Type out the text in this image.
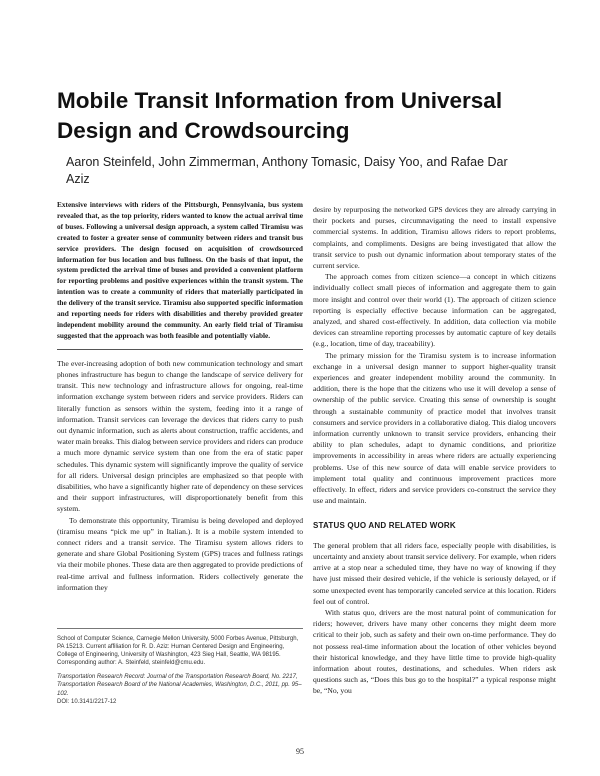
Mobile Transit Information from Universal Design and Crowdsourcing
Aaron Steinfeld, John Zimmerman, Anthony Tomasic, Daisy Yoo, and Rafae Dar Aziz

Extensive interviews with riders of the Pittsburgh, Pennsylvania, bus system revealed that, as the top priority, riders wanted to know the actual arrival time of buses. Following a universal design approach, a system called Tiramisu was created to foster a greater sense of community between riders and transit bus service providers. The design focused on acquisition of crowdsourced information for bus location and bus fullness. On the basis of that input, the system predicted the arrival time of buses and provided a convenient platform for reporting problems and positive experiences within the transit system. The intention was to create a community of riders that materially participated in the delivery of the transit service. Tiramisu also supported specific information and reporting needs for riders with disabilities and thereby provided greater independent mobility around the community. An early field trial of Tiramisu suggested that the approach was both feasible and potentially viable.

The ever-increasing adoption of both new communication technology and smart phones infrastructure has begun to change the landscape of service delivery for transit. This new technology and infrastructure allows for ongoing, real-time information exchange system between riders and service providers. Riders can literally function as sensors within the system, feeding into it a range of information. Transit services can leverage the devices that riders carry to push out dynamic information, such as alerts about construction, traffic accidents, and water main breaks. This dialog between service providers and riders can produce a much more dynamic service system than one from the era of static paper schedules. This dynamic system will significantly improve the quality of service for all riders. Universal design principles are emphasized so that people with disabilities, who have a significantly higher rate of dependency on these services and their support infrastructures, will disproportionately benefit from this system.

To demonstrate this opportunity, Tiramisu is being developed and deployed (tiramisu means “pick me up” in Italian.). It is a mobile system intended to connect riders and a transit service. The Tiramisu system allows riders to generate and share Global Positioning System (GPS) traces and fullness ratings via their mobile phones. These data are then aggregated to provide predictions of real-time arrival and fullness information. Riders collectively generate the information they

School of Computer Science, Carnegie Mellon University, 5000 Forbes Avenue, Pittsburgh, PA 15213. Current affiliation for R. D. Aziz: Human Centered Design and Engineering, College of Engineering, University of Washington, 423 Sieg Hall, Seattle, WA 98195. Corresponding author: A. Steinfeld, steinfeld@cmu.edu.

Transportation Research Record: Journal of the Transportation Research Board, No. 2217, Transportation Research Board of the National Academies, Washington, D.C., 2011, pp. 95–102.

DOI: 10.3141/2217-12

desire by repurposing the networked GPS devices they are already carrying in their pockets and purses, circumnavigating the need to install expensive commercial systems. In addition, Tiramisu allows riders to report problems, complaints, and compliments. Designs are being investigated that allow the transit service to push out dynamic information about temporary states of the current service.

The approach comes from citizen science—a concept in which citizens individually collect small pieces of information and aggregate them to gain more insight and control over their world (1). The approach of citizen science reporting is especially effective because information can be aggregated, analyzed, and shared cost-effectively. In addition, data collection via mobile devices can streamline reporting processes by automatic capture of key details (e.g., location, time of day, traceability).

The primary mission for the Tiramisu system is to increase information exchange in a universal design manner to support higher-quality transit experiences and greater independent mobility around the community. In addition, there is the hope that the citizens who use it will develop a sense of ownership of the public service. Creating this sense of ownership is sought through a sustainable community of practice model that involves transit consumers and service providers in a collaborative dialog. This dialog uncovers information currently unknown to transit service providers, enhancing their ability to plan schedules, adapt to dynamic conditions, and prioritize improvements in accessibility in areas where riders are actually experiencing problems. Use of this new source of data will enable service providers to implement total quality and continuous improvement practices more effectively. In effect, riders and service providers co-construct the service they use and maintain.

STATUS QUO AND RELATED WORK

The general problem that all riders face, especially people with disabilities, is uncertainty and anxiety about transit service delivery. For example, when riders arrive at a stop near a scheduled time, they have no way of knowing if they have just missed their desired vehicle, if the vehicle is seriously delayed, or if some unexpected event has temporarily canceled service at this location. Riders feel out of control.

With status quo, drivers are the most natural point of communication for riders; however, drivers have many other concerns they might deem more critical to their job, such as safety and their own on-time performance. They do not possess real-time information about the location of other vehicles beyond their historical knowledge, and they have little time to provide high-quality information about routes, destinations, and schedules. When riders ask questions such as, “Does this bus go to the hospital?” a typical response might be, “No, you

95
